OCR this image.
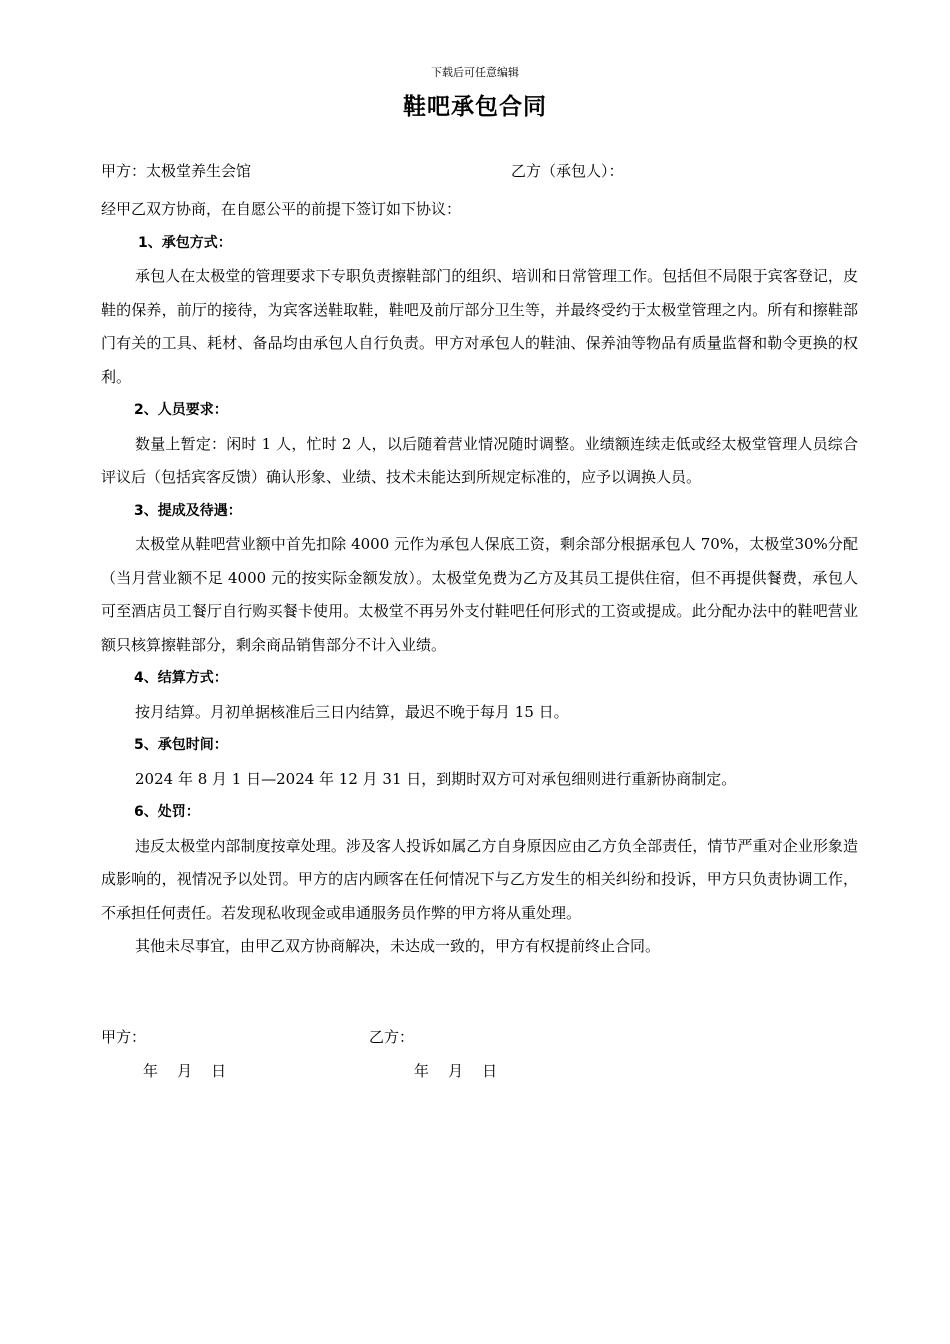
下载后可任意编辑
鞋吧承包合同
甲方：太极堂养生会馆	乙方（承包人）：

经甲乙双方协商，在自愿公平的前提下签订如下协议：

1、承包方式：

承包人在太极堂的管理要求下专职负责擦鞋部门的组织、培训和日常管理工作。包括但不局限于宾客登记，皮鞋的保养，前厅的接待，为宾客送鞋取鞋，鞋吧及前厅部分卫生等，并最终受约于太极堂管理之内。所有和擦鞋部门有关的工具、耗材、备品均由承包人自行负责。甲方对承包人的鞋油、保养油等物品有质量监督和勒令更换的权利。

2、人员要求：

数量上暂定：闲时 1 人，忙时 2 人，以后随着营业情况随时调整。业绩额连续走低或经太极堂管理人员综合评议后（包括宾客反馈）确认形象、业绩、技术未能达到所规定标准的，应予以调换人员。

3、提成及待遇：

太极堂从鞋吧营业额中首先扣除 4000 元作为承包人保底工资，剩余部分根据承包人 70%，太极堂30%分配（当月营业额不足 4000 元的按实际金额发放）。太极堂免费为乙方及其员工提供住宿，但不再提供餐费，承包人可至酒店员工餐厅自行购买餐卡使用。太极堂不再另外支付鞋吧任何形式的工资或提成。此分配办法中的鞋吧营业额只核算擦鞋部分，剩余商品销售部分不计入业绩。

4、结算方式：

按月结算。月初单据核准后三日内结算，最迟不晚于每月 15 日。

5、承包时间：

2024 年 8 月 1 日—2024 年 12 月 31 日，到期时双方可对承包细则进行重新协商制定。

6、处罚：

违反太极堂内部制度按章处理。涉及客人投诉如属乙方自身原因应由乙方负全部责任，情节严重对企业形象造成影响的，视情况予以处罚。甲方的店内顾客在任何情况下与乙方发生的相关纠纷和投诉，甲方只负责协调工作，不承担任何责任。若发现私收现金或串通服务员作弊的甲方将从重处理。

其他未尽事宜，由甲乙双方协商解决，未达成一致的，甲方有权提前终止合同。

甲方：	乙方：
年    月    日	年    月    日
